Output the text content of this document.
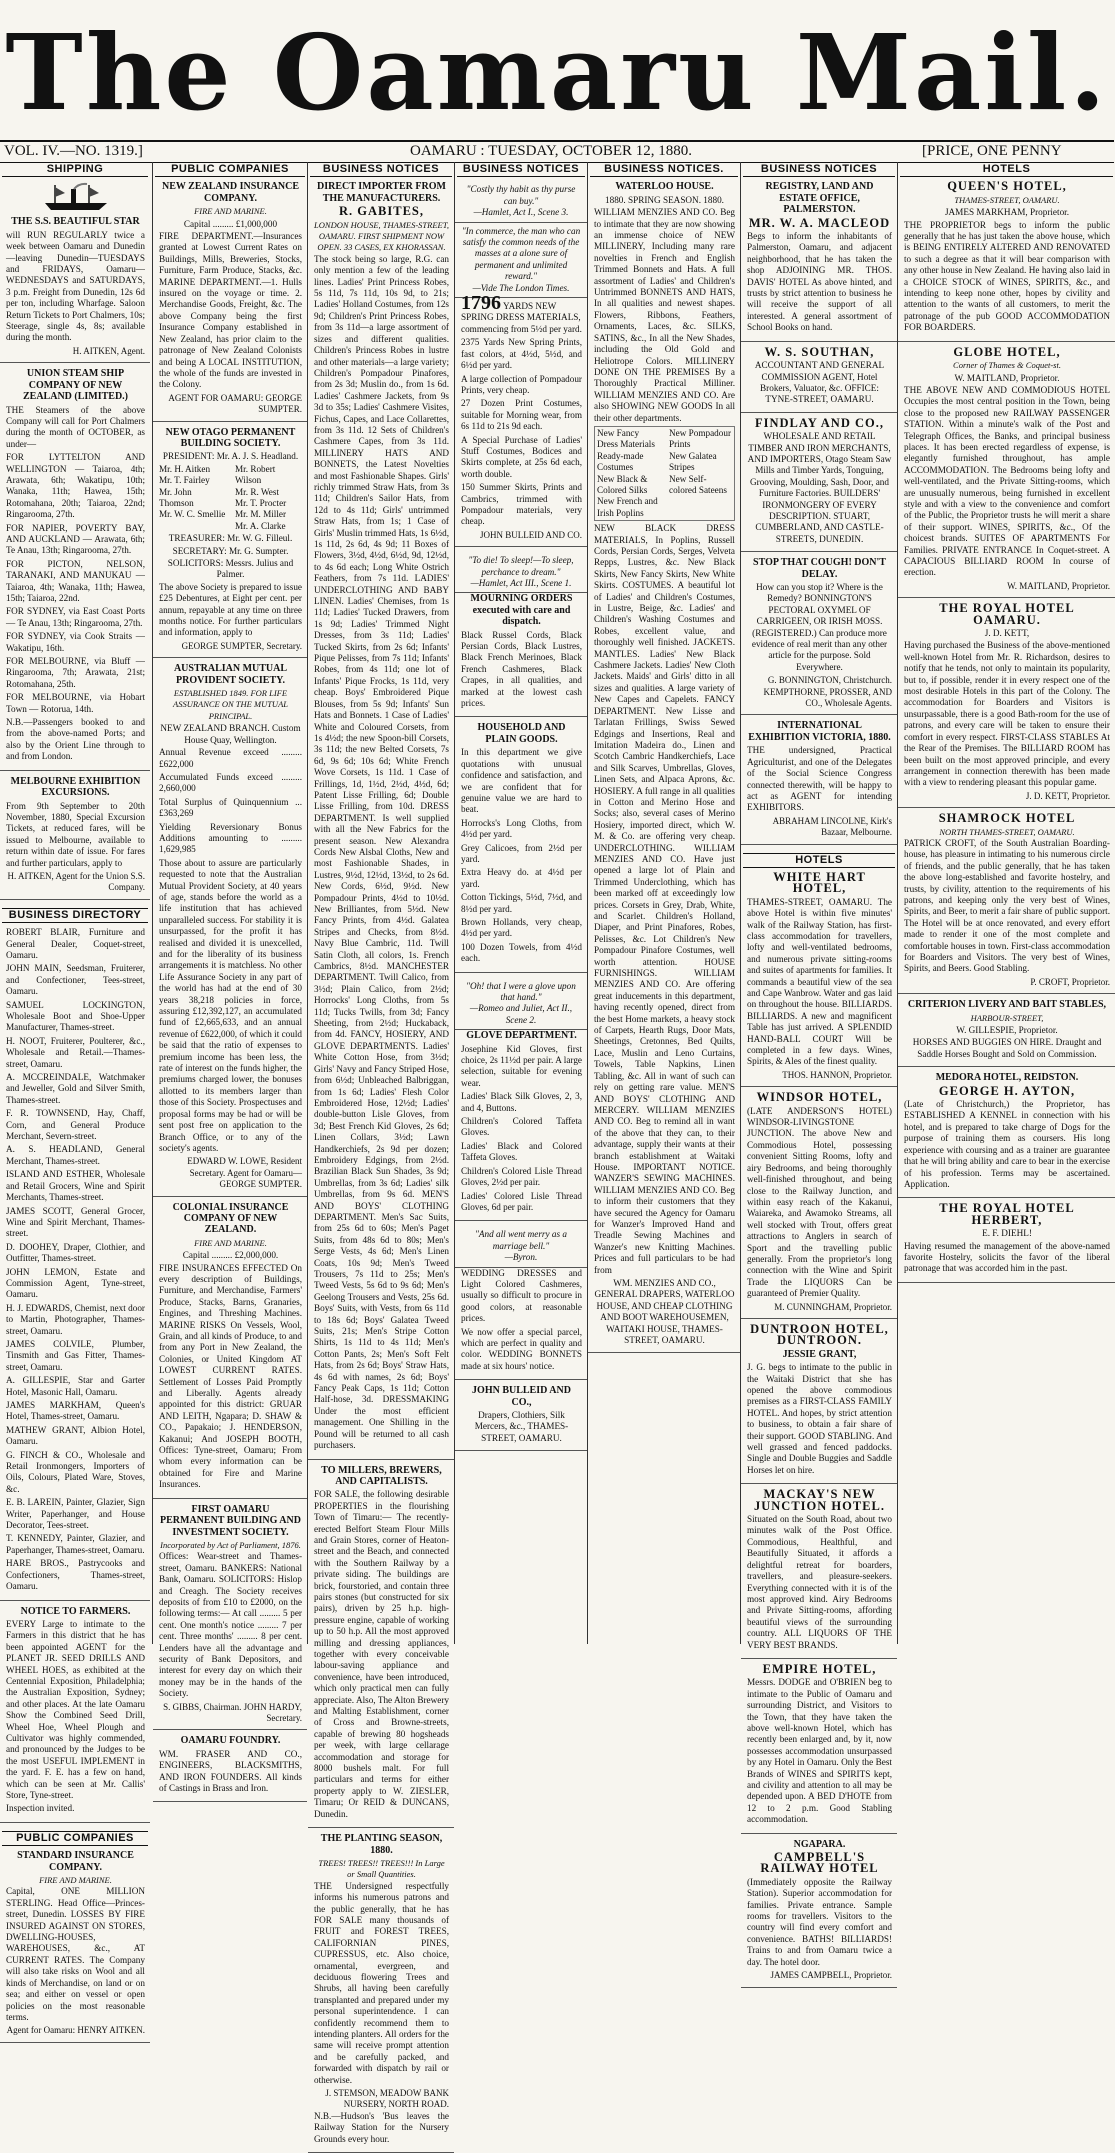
The Oamaru Mail.
VOL. IV.—NO. 1319.]	OAMARU : TUESDAY, OCTOBER 12, 1880.	[PRICE, ONE PENNY
SHIPPING
THE S.S. BEAUTIFUL STAR

will RUN REGULARLY twice a week between Oamaru and Dunedin—leaving Dunedin—TUESDAYS and FRIDAYS, Oamaru—WEDNESDAYS and SATURDAYS, 3 p.m. Freight from Dunedin, 12s 6d per ton, including Wharfage. Saloon Return Tickets to Port Chalmers, 10s; Steerage, single 4s, 8s; available during the month.

H. AITKEN, Agent.
UNION STEAM SHIP COMPANY OF NEW ZEALAND (LIMITED.)

THE Steamers of the above Company will call for Port Chalmers during the month of OCTOBER, as under—

FOR LYTTELTON AND WELLINGTON — Taiaroa, 4th; Arawata, 6th; Wakatipu, 10th; Wanaka, 11th; Hawea, 15th; Rotomahana, 20th; Taiaroa, 22nd; Ringarooma, 27th.

FOR NAPIER, POVERTY BAY, AND AUCKLAND — Arawata, 6th; Te Anau, 13th; Ringarooma, 27th.

FOR PICTON, NELSON, TARANAKI, AND MANUKAU — Taiaroa, 4th; Wanaka, 11th; Hawea, 15th; Taiaroa, 22nd.

FOR SYDNEY, via East Coast Ports — Te Anau, 13th; Ringarooma, 27th.

FOR SYDNEY, via Cook Straits — Wakatipu, 16th.

FOR MELBOURNE, via Bluff — Ringarooma, 7th; Arawata, 21st; Rotomahana, 25th.

FOR MELBOURNE, via Hobart Town — Rotorua, 14th.

N.B.—Passengers booked to and from the above-named Ports; and also by the Orient Line through to and from London.

MELBOURNE EXHIBITION EXCURSIONS.

From 9th September to 20th November, 1880, Special Excursion Tickets, at reduced fares, will be issued to Melbourne, available to return within date of issue. For fares and further particulars, apply to

H. AITKEN, Agent for the Union S.S. Company.
BUSINESS DIRECTORY

ROBERT BLAIR, Furniture and General Dealer, Coquet-street, Oamaru.

JOHN MAIN, Seedsman, Fruiterer, and Confectioner, Tees-street, Oamaru.

SAMUEL LOCKINGTON, Wholesale Boot and Shoe-Upper Manufacturer, Thames-street.

H. NOOT, Fruiterer, Poulterer, &c., Wholesale and Retail.—Thames-street, Oamaru.

A. MCCREINDALE, Watchmaker and Jeweller, Gold and Silver Smith, Thames-street.

F. R. TOWNSEND, Hay, Chaff, Corn, and General Produce Merchant, Severn-street.

A. S. HEADLAND, General Merchant, Thames-street.

ISLAND AND ESTHER, Wholesale and Retail Grocers, Wine and Spirit Merchants, Thames-street.

JAMES SCOTT, General Grocer, Wine and Spirit Merchant, Thames-street.

D. DOOHEY, Draper, Clothier, and Outfitter, Thames-street.

JOHN LEMON, Estate and Commission Agent, Tyne-street, Oamaru.

H. J. EDWARDS, Chemist, next door to Martin, Photographer, Thames-street, Oamaru.

JAMES COLVILE, Plumber, Tinsmith and Gas Fitter, Thames-street, Oamaru.

A. GILLESPIE, Star and Garter Hotel, Masonic Hall, Oamaru.

JAMES MARKHAM, Queen's Hotel, Thames-street, Oamaru.

MATHEW GRANT, Albion Hotel, Oamaru.

G. FINCH & CO., Wholesale and Retail Ironmongers, Importers of Oils, Colours, Plated Ware, Stoves, &c.

E. B. LAREIN, Painter, Glazier, Sign Writer, Paperhanger, and House Decorator, Tees-street.

T. KENNEDY, Painter, Glazier, and Paperhanger, Thames-street, Oamaru.

HARE BROS., Pastrycooks and Confectioners, Thames-street, Oamaru.

NOTICE TO FARMERS.

EVERY Large to intimate to the Farmers in this district that he has been appointed AGENT for the PLANET JR. SEED DRILLS AND WHEEL HOES, as exhibited at the Centennial Exposition, Philadelphia; the Australian Exposition, Sydney; and other places. At the late Oamaru Show the Combined Seed Drill, Wheel Hoe, Wheel Plough and Cultivator was highly commended, and pronounced by the Judges to be the most USEFUL IMPLEMENT in the yard. F. E. has a few on hand, which can be seen at Mr. Callis' Store, Tyne-street.

Inspection invited.

PUBLIC COMPANIES
STANDARD INSURANCE COMPANY.
FIRE AND MARINE.

Capital, ONE MILLION STERLING. Head Office—Princes-street, Dunedin. LOSSES BY FIRE INSURED AGAINST ON STORES, DWELLING-HOUSES, WAREHOUSES, &c., AT CURRENT RATES. The Company will also take risks on Wool and all kinds of Merchandise, on land or on sea; and either on vessel or open policies on the most reasonable terms.

Agent for Oamaru: HENRY AITKEN.
PUBLIC COMPANIES
NEW ZEALAND INSURANCE COMPANY.
FIRE AND MARINE.
Capital ......... £1,000,000

FIRE DEPARTMENT.—Insurances granted at Lowest Current Rates on Buildings, Mills, Breweries, Stocks, Furniture, Farm Produce, Stacks, &c. MARINE DEPARTMENT.—1. Hulls insured on the voyage or time. 2. Merchandise Goods, Freight, &c. The above Company being the first Insurance Company established in New Zealand, has prior claim to the patronage of New Zealand Colonists and being A LOCAL INSTITUTION, the whole of the funds are invested in the Colony.

AGENT FOR OAMARU: GEORGE SUMPTER.
NEW OTAGO PERMANENT BUILDING SOCIETY.
PRESIDENT: Mr. A. J. S. Headland.
Mr. H. Aitken
Mr. T. Fairley
Mr. John Thomson
Mr. W. C. Smellie
Mr. Robert Wilson
Mr. R. West
Mr. T. Procter
Mr. M. Miller
Mr. A. Clarke
TREASURER: Mr. W. G. Filleul.
SECRETARY: Mr. G. Sumpter.
SOLICITORS: Messrs. Julius and Palmer.

The above Society is prepared to issue £25 Debentures, at Eight per cent. per annum, repayable at any time on three months notice. For further particulars and information, apply to

GEORGE SUMPTER, Secretary.
AUSTRALIAN MUTUAL PROVIDENT SOCIETY.
ESTABLISHED 1849. FOR LIFE ASSURANCE ON THE MUTUAL PRINCIPAL.
NEW ZEALAND BRANCH. Custom House Quay, Wellington.

Annual Revenue exceed ......... £622,000

Accumulated Funds exceed ......... 2,660,000

Total Surplus of Quinquennium ... £363,269

Yielding Reversionary Bonus Additions amounting to ......... 1,629,985

Those about to assure are particularly requested to note that the Australian Mutual Provident Society, at 40 years of age, stands before the world as a life institution that has achieved unparalleled success. For stability it is unsurpassed, for the profit it has realised and divided it is unexcelled, and for the liberality of its business arrangements it is matchless. No other Life Assurance Society in any part of the world has had at the end of 30 years 38,218 policies in force, assuring £12,392,127, an accumulated fund of £2,665,633, and an annual revenue of £622,000, of which it could be said that the ratio of expenses to premium income has been less, the rate of interest on the funds higher, the premiums charged lower, the bonuses allotted to its members larger than those of this Society. Prospectuses and proposal forms may be had or will be sent post free on application to the Branch Office, or to any of the society's agents.

EDWARD W. LOWE, Resident Secretary. Agent for Oamaru—GEORGE SUMPTER.
COLONIAL INSURANCE COMPANY OF NEW ZEALAND.
FIRE AND MARINE.
Capital ......... £2,000,000.

FIRE INSURANCES EFFECTED On every description of Buildings, Furniture, and Merchandise, Farmers' Produce, Stacks, Barns, Granaries, Engines, and Threshing Machines. MARINE RISKS On Vessels, Wool, Grain, and all kinds of Produce, to and from any Port in New Zealand, the Colonies, or United Kingdom AT LOWEST CURRENT RATES. Settlement of Losses Paid Promptly and Liberally. Agents already appointed for this district: GRUAR AND LEITH, Ngapara; D. SHAW & CO., Papakaio; J. HENDERSON, Kakanui; And JOSEPH BOOTH, Offices: Tyne-street, Oamaru; From whom every information can be obtained for Fire and Marine Insurances.

FIRST OAMARU PERMANENT BUILDING AND INVESTMENT SOCIETY.
Incorporated by Act of Parliament, 1876.

Offices: Wear-street and Thames-street, Oamaru. BANKERS: National Bank, Oamaru. SOLICITORS: Hislop and Creagh. The Society receives deposits of from £10 to £2000, on the following terms:— At call ......... 5 per cent. One month's notice ......... 7 per cent. Three months' ......... 8 per cent. Lenders have all the advantage and security of Bank Depositors, and interest for every day on which their money may be in the hands of the Society.

S. GIBBS, Chairman. JOHN HARDY, Secretary.
OAMARU FOUNDRY.

WM. FRASER AND CO., ENGINEERS, BLACKSMITHS, AND IRON FOUNDERS. All kinds of Castings in Brass and Iron.

BUSINESS NOTICES
DIRECT IMPORTER FROM THE MANUFACTURERS.
R. GABITES,
LONDON HOUSE, THAMES-STREET, OAMARU. FIRST SHIPMENT NOW OPEN. 33 CASES, EX KHORASSAN.

The stock being so large, R.G. can only mention a few of the leading lines. Ladies' Print Princess Robes, 5s 11d, 7s 11d, 10s 9d, to 21s; Ladies' Holland Costumes, from 12s 9d; Children's Print Princess Robes, from 3s 11d—a large assortment of sizes and different qualities. Children's Princess Robes in lustre and other materials—a large variety; Children's Pompadour Pinafores, from 2s 3d; Muslin do., from 1s 6d. Ladies' Cashmere Jackets, from 9s 3d to 35s; Ladies' Cashmere Visites, Fichus, Capes, and Lace Collarettes, from 3s 11d. 12 Sets of Children's Cashmere Capes, from 3s 11d. MILLINERY HATS AND BONNETS, the Latest Novelties and most Fashionable Shapes. Girls' richly trimmed Straw Hats, from 3s 11d; Children's Sailor Hats, from 12d to 4s 11d; Girls' untrimmed Straw Hats, from 1s; 1 Case of Girls' Muslin trimmed Hats, 1s 6½d, 1s 11d, 2s 6d, 4s 9d; 11 Boxes of Flowers, 3½d, 4½d, 6½d, 9d, 12½d, to 4s 6d each; Long White Ostrich Feathers, from 7s 11d. LADIES' UNDERCLOTHING AND BABY LINEN. Ladies' Chemises, from 1s 11d; Ladies' Tucked Drawers, from 1s 9d; Ladies' Trimmed Night Dresses, from 3s 11d; Ladies' Tucked Skirts, from 2s 6d; Infants' Pique Pelisses, from 7s 11d; Infants' Robes, from 4s 11d; one lot of Infants' Pique Frocks, 1s 11d, very cheap. Boys' Embroidered Pique Blouses, from 5s 9d; Infants' Sun Hats and Bonnets. 1 Case of Ladies' White and Coloured Corsets, from 1s 4½d; the new Spoon-bill Corsets, 3s 11d; the new Belted Corsets, 7s 6d, 9s 6d; 10s 6d; White French Wove Corsets, 1s 11d. 1 Case of Frillings, 1d, 1½d, 2½d, 4½d, 6d; Patent Lisse Frilling, 6d; Double Lisse Frilling, from 10d. DRESS DEPARTMENT. Is well supplied with all the New Fabrics for the present season. New Alexandra Cords New Alsbal Cloths, New and most Fashionable Shades, in Lustres, 9½d, 12½d, 13½d, to 2s 6d. New Cords, 6½d, 9½d. New Pompadour Prints, 4½d to 10½d. New Brilliantes, from 5½d. New Fancy Prints, from 4½d. Galatea Stripes and Checks, from 8½d. Navy Blue Cambric, 11d. Twill Satin Cloth, all colors, 1s. French Cambrics, 8½d. MANCHESTER DEPARTMENT. Twill Calico, from 3½d; Plain Calico, from 2½d; Horrocks' Long Cloths, from 5s 11d; Tucks Twills, from 3d; Fancy Sheeting, from 2½d; Huckaback, from 4d. FANCY, HOSIERY, AND GLOVE DEPARTMENTS. Ladies' White Cotton Hose, from 3½d; Girls' Navy and Fancy Striped Hose, from 6½d; Unbleached Balbriggan, from 1s 6d; Ladies' Flesh Color Embroidered Hose, 12½d; Ladies' double-button Lisle Gloves, from 3d; Best French Kid Gloves, 2s 6d; Linen Collars, 3½d; Lawn Handkerchiefs, 2s 9d per dozen; Embroidery Edgings, from 2½d. Brazilian Black Sun Shades, 3s 9d; Umbrellas, from 3s 6d; Ladies' silk Umbrellas, from 9s 6d. MEN'S AND BOYS' CLOTHING DEPARTMENT. Men's Sac Suits, from 25s 6d to 60s; Men's Paget Suits, from 48s 6d to 80s; Men's Serge Vests, 4s 6d; Men's Linen Coats, 10s 9d; Men's Tweed Trousers, 7s 11d to 25s; Men's Tweed Vests, 5s 6d to 9s 6d; Men's Geelong Trousers and Vests, 25s 6d. Boys' Suits, with Vests, from 6s 11d to 18s 6d; Boys' Galatea Tweed Suits, 21s; Men's Stripe Cotton Shirts, 1s 11d to 4s 11d; Men's Cotton Pants, 2s; Men's Soft Felt Hats, from 2s 6d; Boys' Straw Hats, 4s 6d with names, 2s 6d; Boys' Fancy Peak Caps, 1s 11d; Cotton Half-hose, 3d. DRESSMAKING Under the most efficient management. One Shilling in the Pound will be returned to all cash purchasers.

TO MILLERS, BREWERS, AND CAPITALISTS.

FOR SALE, the following desirable PROPERTIES in the flourishing Town of Timaru:— The recently-erected Belfort Steam Flour Mills and Grain Stores, corner of Heaton-street and the Beach, and connected with the Southern Railway by a private siding. The buildings are brick, fourstoried, and contain three pairs stones (but constructed for six pairs), driven by 25 h.p. high-pressure engine, capable of working up to 50 h.p. All the most approved milling and dressing appliances, together with every conceivable labour-saving appliance and convenience, have been introduced, which only practical men can fully appreciate. Also, The Alton Brewery and Malting Establishment, corner of Cross and Browne-streets, capable of brewing 80 hogsheads per week, with large cellarage accommodation and storage for 8000 bushels malt. For full particulars and terms for either property apply to W. ZIESLER, Timaru; Or REID & DUNCANS, Dunedin.

THE PLANTING SEASON, 1880.
TREES! TREES!! TREES!!! In Large or Small Quantities.

THE Undersigned respectfully informs his numerous patrons and the public generally, that he has FOR SALE many thousands of FRUIT and FOREST TREES, CALIFORNIAN PINES, CUPRESSUS, etc. Also choice, ornamental, evergreen, and deciduous flowering Trees and Shrubs, all having been carefully transplanted and prepared under my personal superintendence. I can confidently recommend them to intending planters. All orders for the same will receive prompt attention and be carefully packed, and forwarded with dispatch by rail or otherwise.

J. STEMSON, MEADOW BANK NURSERY, NORTH ROAD.

N.B.—Hudson's 'Bus leaves the Railway Station for the Nursery Grounds every hour.

BUSINESS NOTICES
"Costly thy habit as thy purse can buy."
—Hamlet, Act I., Scene 3.
"In commerce, the man who can satisfy the common needs of the masses at a alone sure of permanent and unlimited reward."
—Vide The London Times.
1796 YARDS NEW SPRING DRESS MATERIALS,

commencing from 5½d per yard.

2375 Yards New Spring Prints, fast colors, at 4½d, 5½d, and 6½d per yard.

A large collection of Pompadour Prints, very cheap.

27 Dozen Print Costumes, suitable for Morning wear, from 6s 11d to 21s 9d each.

A Special Purchase of Ladies' Stuff Costumes, Bodices and Skirts complete, at 25s 6d each, worth double.

150 Summer Skirts, Prints and Cambrics, trimmed with Pompadour materials, very cheap.

JOHN BULLEID AND CO.
"To die! To sleep!—To sleep, perchance to dream."
—Hamlet, Act III., Scene 1.
MOURNING ORDERS executed with care and dispatch.

Black Russel Cords, Black Persian Cords, Black Lustres, Black French Merinoes, Black French Cashmeres, Black Crapes, in all qualities, and marked at the lowest cash prices.

HOUSEHOLD AND PLAIN GOODS.

In this department we give quotations with unusual confidence and satisfaction, and we are confident that for genuine value we are hard to beat.

Horrocks's Long Cloths, from 4½d per yard.

Grey Calicoes, from 2½d per yard.

Extra Heavy do. at 4½d per yard.

Cotton Tickings, 5½d, 7½d, and 8½d per yard.

Brown Hollands, very cheap, 4½d per yard.

100 Dozen Towels, from 4½d each.

"Oh! that I were a glove upon that hand."
—Romeo and Juliet, Act II., Scene 2.
GLOVE DEPARTMENT.

Josephine Kid Gloves, first choice, 2s 11½d per pair. A large selection, suitable for evening wear.

Ladies' Black Silk Gloves, 2, 3, and 4, Buttons.

Children's Colored Taffeta Gloves.

Ladies' Black and Colored Taffeta Gloves.

Children's Colored Lisle Thread Gloves, 2½d per pair.

Ladies' Colored Lisle Thread Gloves, 6d per pair.

"And all went merry as a marriage bell."
—Byron.

WEDDING DRESSES and Light Colored Cashmeres, usually so difficult to procure in good colors, at reasonable prices.

We now offer a special parcel, which are perfect in quality and color. WEDDING BONNETS made at six hours' notice.

JOHN BULLEID AND CO.,

Drapers, Clothiers, Silk Mercers, &c., THAMES-STREET, OAMARU.

BUSINESS NOTICES.
WATERLOO HOUSE.
1880. SPRING SEASON. 1880.

WILLIAM MENZIES AND CO. Beg to intimate that they are now showing an immense choice of NEW MILLINERY, Including many rare novelties in French and English Trimmed Bonnets and Hats. A full assortment of Ladies' and Children's Untrimmed BONNETS AND HATS, In all qualities and newest shapes. Flowers, Ribbons, Feathers, Ornaments, Laces, &c. SILKS, SATINS, &c., In all the New Shades, including the Old Gold and Heliotrope Colors. MILLINERY DONE ON THE PREMISES By a Thoroughly Practical Milliner. WILLIAM MENZIES AND CO. Are also SHOWING NEW GOODS In all their other departments.

New Fancy Dress Materials
Ready-made Costumes
New Black & Colored Silks
New French and Irish Poplins
New Pompadour Prints
New Galatea Stripes
New Self-colored Sateens

NEW BLACK DRESS MATERIALS, In Poplins, Russell Cords, Persian Cords, Serges, Velveta Repps, Lustres, &c. New Black Skirts, New Fancy Skirts, New White Skirts. COSTUMES. A beautiful lot of Ladies' and Children's Costumes, in Lustre, Beige, &c. Ladies' and Children's Washing Costumes and Robes, excellent value, and thoroughly well finished. JACKETS. MANTLES. Ladies' New Black Cashmere Jackets. Ladies' New Cloth Jackets. Maids' and Girls' ditto in all sizes and qualities. A large variety of New Capes and Capelets. FANCY DEPARTMENT. New Lisse and Tarlatan Frillings, Swiss Sewed Edgings and Insertions, Real and Imitation Madeira do., Linen and Scotch Cambric Handkerchiefs, Lace and Silk Scarves, Umbrellas, Gloves, Linen Sets, and Alpaca Aprons, &c. HOSIERY. A full range in all qualities in Cotton and Merino Hose and Socks; also, several cases of Merino Hosiery, imported direct, which W. M. & Co. are offering very cheap. UNDERCLOTHING. WILLIAM MENZIES AND CO. Have just opened a large lot of Plain and Trimmed Underclothing, which has been marked off at exceedingly low prices. Corsets in Grey, Drab, White, and Scarlet. Children's Holland, Diaper, and Print Pinafores, Robes, Pelisses, &c. Lot Children's New Pompadour Pinafore Costumes, well worth attention. HOUSE FURNISHINGS. WILLIAM MENZIES AND CO. Are offering great inducements in this department, having recently opened, direct from the best Home markets, a heavy stock of Carpets, Hearth Rugs, Door Mats, Sheetings, Cretonnes, Bed Quilts, Lace, Muslin and Leno Curtains, Towels, Table Napkins, Linen Tabling, &c. All in want of such can rely on getting rare value. MEN'S AND BOYS' CLOTHING AND MERCERY. WILLIAM MENZIES AND CO. Beg to remind all in want of the above that they can, to their advantage, supply their wants at their branch establishment at Waitaki House. IMPORTANT NOTICE. WANZER'S SEWING MACHINES. WILLIAM MENZIES AND CO. Beg to inform their customers that they have secured the Agency for Oamaru for Wanzer's Improved Hand and Treadle Sewing Machines and Wanzer's new Knitting Machines. Prices and full particulars to be had from

WM. MENZIES AND CO., GENERAL DRAPERS, WATERLOO HOUSE, AND CHEAP CLOTHING AND BOOT WAREHOUSEMEN, WAITAKI HOUSE, THAMES-STREET, OAMARU.

BUSINESS NOTICES
REGISTRY, LAND AND ESTATE OFFICE, PALMERSTON.
MR. W. A. MACLEOD

Begs to inform the inhabitants of Palmerston, Oamaru, and adjacent neighborhood, that he has taken the shop ADJOINING MR. THOS. DAVIS' HOTEL As above hinted, and trusts by strict attention to business he will receive the support of all interested. A general assortment of School Books on hand.

W. S. SOUTHAN,

ACCOUNTANT AND GENERAL COMMISSION AGENT, Hotel Brokers, Valuator, &c. OFFICE: TYNE-STREET, OAMARU.

FINDLAY AND CO.,

WHOLESALE AND RETAIL TIMBER AND IRON MERCHANTS, AND IMPORTERS, Otago Steam Saw Mills and Timber Yards, Tonguing, Grooving, Moulding, Sash, Door, and Furniture Factories. BUILDERS' IRONMONGERY OF EVERY DESCRIPTION. STUART, CUMBERLAND, AND CASTLE-STREETS, DUNEDIN.

STOP THAT COUGH! DON'T DELAY.

How can you stop it? Where is the Remedy? BONNINGTON'S PECTORAL OXYMEL OF CARRIGEEN, OR IRISH MOSS. (REGISTERED.) Can produce more evidence of real merit than any other article for the purpose. Sold Everywhere.

G. BONNINGTON, Christchurch. KEMPTHORNE, PROSSER, AND CO., Wholesale Agents.
INTERNATIONAL EXHIBITION VICTORIA, 1880.

THE undersigned, Practical Agriculturist, and one of the Delegates of the Social Science Congress connected therewith, will be happy to act as AGENT for intending EXHIBITORS.

ABRAHAM LINCOLNE, Kirk's Bazaar, Melbourne.
HOTELS
WHITE HART HOTEL,

THAMES-STREET, OAMARU. The above Hotel is within five minutes' walk of the Railway Station, has first-class accommodation for travellers, lofty and well-ventilated bedrooms, and numerous private sitting-rooms and suites of apartments for families. It commands a beautiful view of the sea and Cape Wanbrow. Water and gas laid on throughout the house. BILLIARDS. BILLIARDS. A new and magnificent Table has just arrived. A SPLENDID HAND-BALL COURT Will be completed in a few days. Wines, Spirits, & Ales of the finest quality.

THOS. HANNON, Proprietor.
WINDSOR HOTEL,

(LATE ANDERSON'S HOTEL) WINDSOR-LIVINGSTONE JUNCTION. The above New and Commodious Hotel, possessing convenient Sitting Rooms, lofty and airy Bedrooms, and being thoroughly well-finished throughout, and being close to the Railway Junction, and within easy reach of the Kakanui, Waiareka, and Awamoko Streams, all well stocked with Trout, offers great attractions to Anglers in search of Sport and the travelling public generally. From the proprietor's long connection with the Wine and Spirit Trade the LIQUORS Can be guaranteed of Premier Quality.

M. CUNNINGHAM, Proprietor.
DUNTROON HOTEL, DUNTROON.
JESSIE GRANT,

J. G. begs to intimate to the public in the Waitaki District that she has opened the above commodious premises as a FIRST-CLASS FAMILY HOTEL. And hopes, by strict attention to business, to obtain a fair share of their support. GOOD STABLING. And well grassed and fenced paddocks. Single and Double Buggies and Saddle Horses let on hire.

MACKAY'S NEW JUNCTION HOTEL.

Situated on the South Road, about two minutes walk of the Post Office. Commodious, Healthful, and Beautifully Situated, it affords a delightful retreat for boarders, travellers, and pleasure-seekers. Everything connected with it is of the most approved kind. Airy Bedrooms and Private Sitting-rooms, affording beautiful views of the surrounding country. ALL LIQUORS OF THE VERY BEST BRANDS.

EMPIRE HOTEL,

Messrs. DODGE and O'BRIEN beg to intimate to the Public of Oamaru and surrounding District, and Visitors to the Town, that they have taken the above well-known Hotel, which has recently been enlarged and, by it, now possesses accommodation unsurpassed by any Hotel in Oamaru. Only the Best Brands of WINES and SPIRITS kept, and civility and attention to all may be depended upon. A BED D'HOTE from 12 to 2 p.m. Good Stabling accommodation.

NGAPARA.
CAMPBELL'S RAILWAY HOTEL

(Immediately opposite the Railway Station). Superior accommodation for families. Private entrance. Sample rooms for travellers. Visitors to the country will find every comfort and convenience. BATHS! BILLIARDS! Trains to and from Oamaru twice a day. The hotel door.

JAMES CAMPBELL, Proprietor.
HOTELS
QUEEN'S HOTEL,
THAMES-STREET, OAMARU.
JAMES MARKHAM, Proprietor.

THE PROPRIETOR begs to inform the public generally that he has just taken the above house, which is BEING ENTIRELY ALTERED AND RENOVATED to such a degree as that it will bear comparison with any other house in New Zealand. He having also laid in a CHOICE STOCK of WINES, SPIRITS, &c., and intending to keep none other, hopes by civility and attention to the wants of all customers, to merit the patronage of the pub GOOD ACCOMMODATION FOR BOARDERS.

GLOBE HOTEL,
Corner of Thames & Coquet-st.
W. MAITLAND, Proprietor.

THE ABOVE NEW AND COMMODIOUS HOTEL Occupies the most central position in the Town, being close to the proposed new RAILWAY PASSENGER STATION. Within a minute's walk of the Post and Telegraph Offices, the Banks, and principal business places. It has been erected regardless of expense, is elegantly furnished throughout, has ample ACCOMMODATION. The Bedrooms being lofty and well-ventilated, and the Private Sitting-rooms, which are unusually numerous, being furnished in excellent style and with a view to the convenience and comfort of the Public, the Proprietor trusts he will merit a share of their support. WINES, SPIRITS, &c., Of the choicest brands. SUITES OF APARTMENTS For Families. PRIVATE ENTRANCE In Coquet-street. A CAPACIOUS BILLIARD ROOM In course of erection.

W. MAITLAND, Proprietor.
THE ROYAL HOTEL OAMARU.
J. D. KETT,

Having purchased the Business of the above-mentioned well-known Hotel from Mr. R. Richardson, desires to notify that he tends, not only to maintain its popularity, but to, if possible, render it in every respect one of the most desirable Hotels in this part of the Colony. The accommodation for Boarders and Visitors is unsurpassable, there is a good Bath-room for the use of patrons, and every care will be taken to ensure their comfort in every respect. FIRST-CLASS STABLES At the Rear of the Premises. The BILLIARD ROOM has been built on the most approved principle, and every arrangement in connection therewith has been made with a view to rendering pleasant this popular game.

J. D. KETT, Proprietor.
SHAMROCK HOTEL
NORTH THAMES-STREET, OAMARU.

PATRICK CROFT, of the South Australian Boarding-house, has pleasure in intimating to his numerous circle of friends, and the public generally, that he has taken the above long-established and favorite hostelry, and trusts, by civility, attention to the requirements of his patrons, and keeping only the very best of Wines, Spirits, and Beer, to merit a fair share of public support. The Hotel will be at once renovated, and every effort made to render it one of the most complete and comfortable houses in town. First-class accommodation for Boarders and Visitors. The very best of Wines, Spirits, and Beers. Good Stabling.

P. CROFT, Proprietor.
CRITERION LIVERY AND BAIT STABLES,
HARBOUR-STREET,
W. GILLESPIE, Proprietor.

HORSES AND BUGGIES ON HIRE. Draught and Saddle Horses Bought and Sold on Commission.

MEDORA HOTEL, REIDSTON.
GEORGE H. AYTON,

(Late of Christchurch,) the Proprietor, has ESTABLISHED A KENNEL in connection with his hotel, and is prepared to take charge of Dogs for the purpose of training them as coursers. His long experience with coursing and as a trainer are guarantee that he will bring ability and care to bear in the exercise of his profession. Terms may be ascertained. Application.

THE ROYAL HOTEL HERBERT,
E. F. DIEHL!

Having resumed the management of the above-named favorite Hostelry, solicits the favor of the liberal patronage that was accorded him in the past.
